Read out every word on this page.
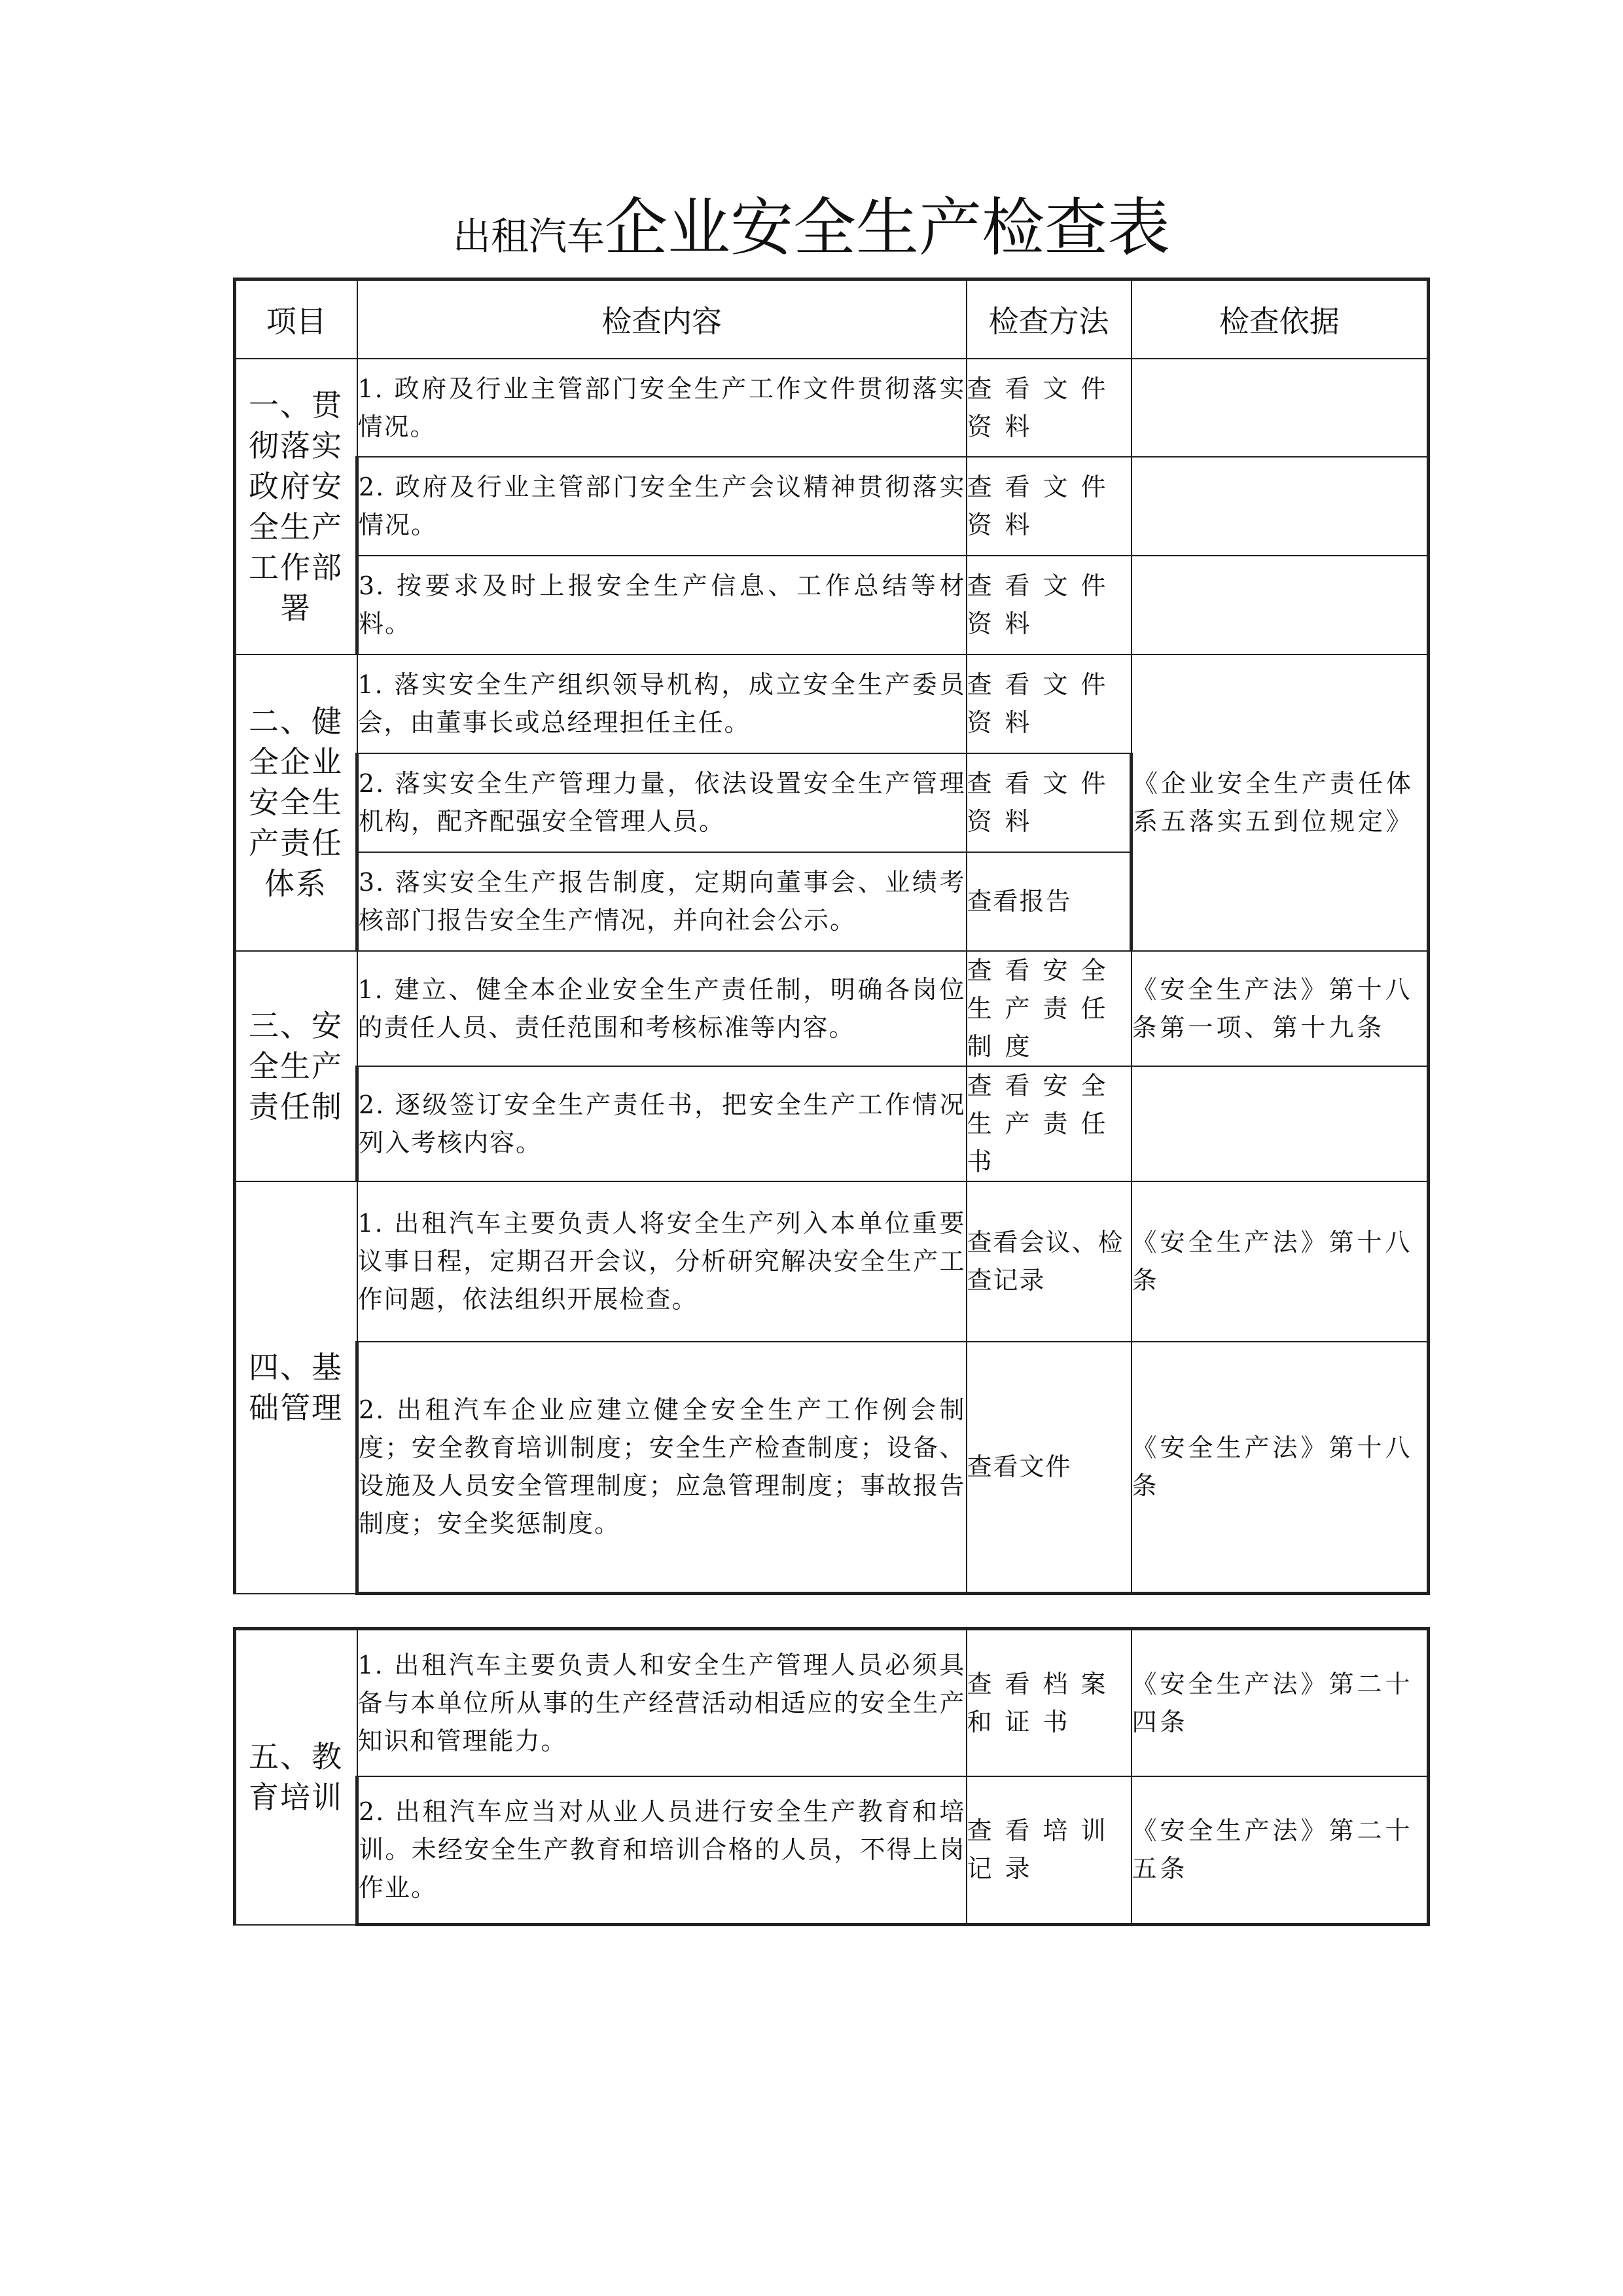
出租汽车企业安全生产检查表
项目	检查内容	检查方法	检查依据
一、贯彻落实政府安全生产工作部署	1. 政府及行业主管部门安全生产工作文件贯彻落实情况。	查看文件资料	
	2. 政府及行业主管部门安全生产会议精神贯彻落实情况。	查看文件资料	
	3. 按要求及时上报安全生产信息、工作总结等材料。	查看文件资料	
二、健全企业安全生产责任体系	1. 落实安全生产组织领导机构，成立安全生产委员会，由董事长或总经理担任主任。	查看文件资料	《企业安全生产责任体系五落实五到位规定》
	2. 落实安全生产管理力量，依法设置安全生产管理机构，配齐配强安全管理人员。	查看文件资料	
	3. 落实安全生产报告制度，定期向董事会、业绩考核部门报告安全生产情况，并向社会公示。	查看报告	
三、安全生产责任制	1. 建立、健全本企业安全生产责任制，明确各岗位的责任人员、责任范围和考核标准等内容。	查看安全生产责任制度	《安全生产法》第十八条第一项、第十九条
	2. 逐级签订安全生产责任书，把安全生产工作情况列入考核内容。	查看安全生产责任书	
四、基础管理	1. 出租汽车主要负责人将安全生产列入本单位重要议事日程，定期召开会议，分析研究解决安全生产工作问题，依法组织开展检查。	查看会议、检查记录	《安全生产法》第十八条
	2. 出租汽车企业应建立健全安全生产工作例会制度；安全教育培训制度；安全生产检查制度；设备、设施及人员安全管理制度；应急管理制度；事故报告制度；安全奖惩制度。	查看文件	《安全生产法》第十八条
五、教育培训	1. 出租汽车主要负责人和安全生产管理人员必须具备与本单位所从事的生产经营活动相适应的安全生产知识和管理能力。	查看档案和证书	《安全生产法》第二十四条
	2. 出租汽车应当对从业人员进行安全生产教育和培训。未经安全生产教育和培训合格的人员，不得上岗作业。	查看培训记录	《安全生产法》第二十五条
